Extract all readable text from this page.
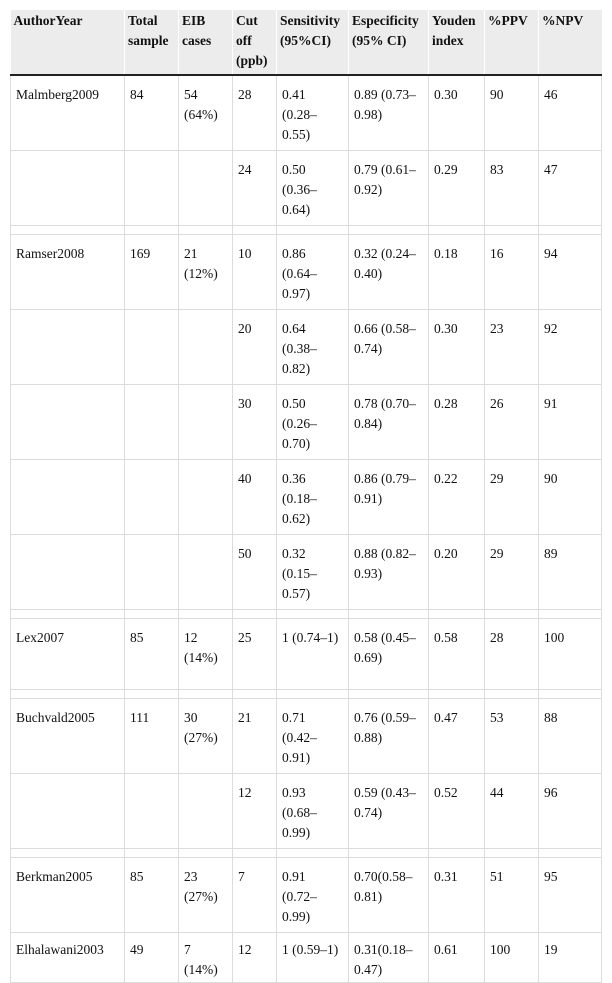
AuthorYear	Total sample	EIB cases	Cut off (ppb)	Sensitivity (95%CI)	Especificity (95% CI)	Youden index	%PPV	%NPV
Malmberg2009	84	54 (64%)	28	0.41 (0.28–0.55)	0.89 (0.73–0.98)	0.30	90	46
			24	0.50 (0.36–0.64)	0.79 (0.61–0.92)	0.29	83	47

Ramser2008	169	21 (12%)	10	0.86 (0.64–0.97)	0.32 (0.24–0.40)	0.18	16	94
			20	0.64 (0.38–0.82)	0.66 (0.58–0.74)	0.30	23	92
			30	0.50 (0.26–0.70)	0.78 (0.70–0.84)	0.28	26	91
			40	0.36 (0.18–0.62)	0.86 (0.79–0.91)	0.22	29	90
			50	0.32 (0.15–0.57)	0.88 (0.82–0.93)	0.20	29	89

Lex2007	85	12 (14%)	25	1 (0.74–1)	0.58 (0.45–0.69)	0.58	28	100

Buchvald2005	111	30 (27%)	21	0.71 (0.42–0.91)	0.76 (0.59–0.88)	0.47	53	88
			12	0.93 (0.68–0.99)	0.59 (0.43–0.74)	0.52	44	96

Berkman2005	85	23 (27%)	7	0.91 (0.72–0.99)	0.70(0.58–0.81)	0.31	51	95
Elhalawani2003	49	7 (14%)	12	1 (0.59–1)	0.31(0.18–0.47)	0.61	100	19
